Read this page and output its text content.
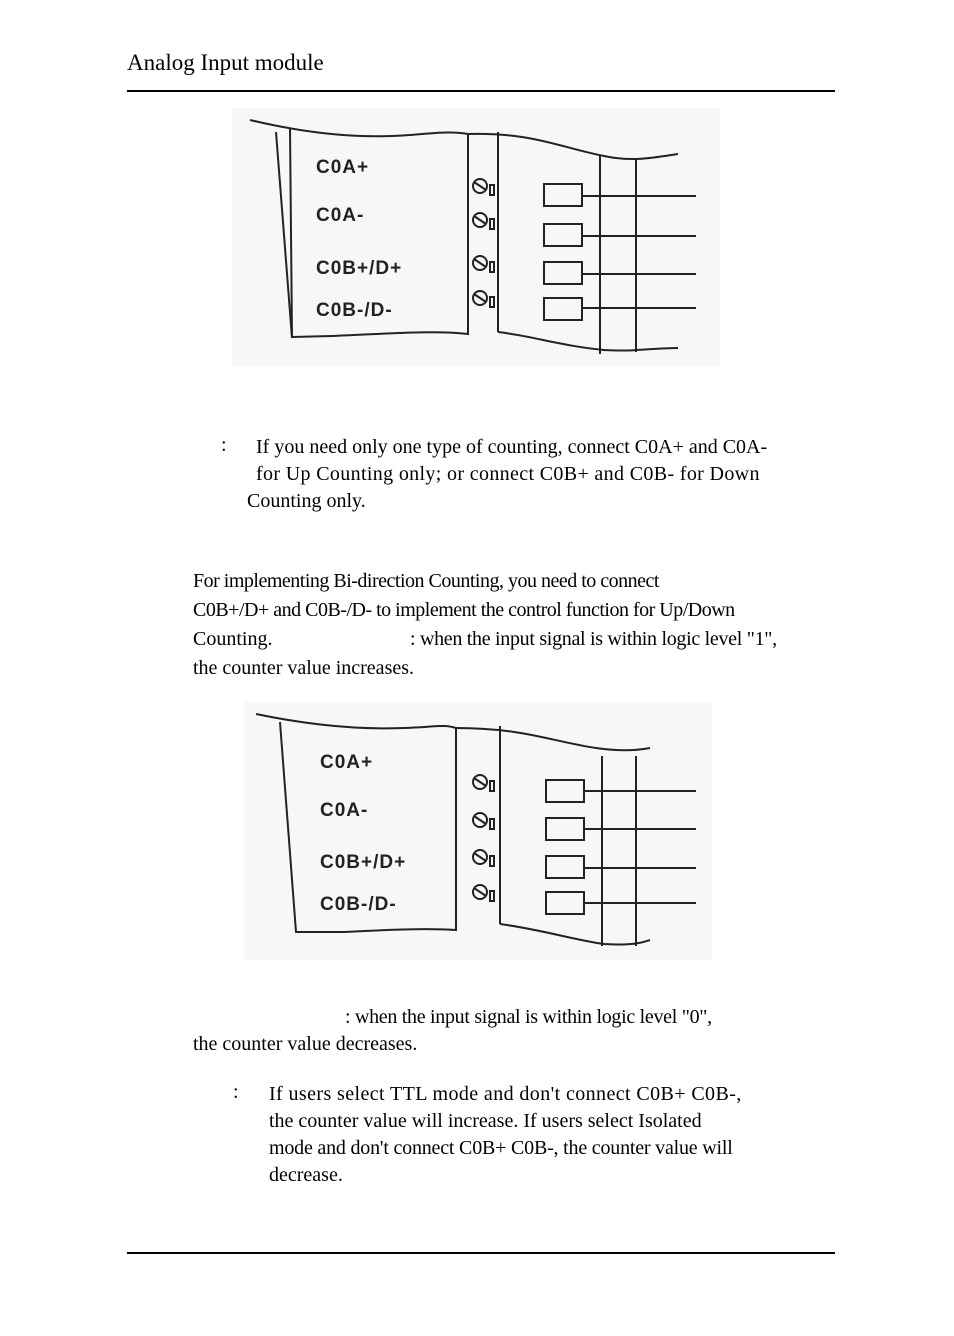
Analog Input module
C0A+
C0A-
C0B+/D+
C0B-/D-
: If you need only one type of counting, connect C0A+ and C0A-
for Up Counting only; or connect C0B+ and C0B- for Down
Counting only.
For implementing Bi-direction Counting, you need to connect
C0B+/D+ and C0B-/D- to implement the control function for Up/Down
Counting.	: when the input signal is within logic level "1",
the counter value increases.
C0A+
C0A-
C0B+/D+
C0B-/D-
: when the input signal is within logic level "0",
the counter value decreases.
: If users select TTL mode and don't connect C0B+ C0B-,
the counter value will increase. If users select Isolated
mode and don't connect C0B+ C0B-, the counter value will
decrease.
